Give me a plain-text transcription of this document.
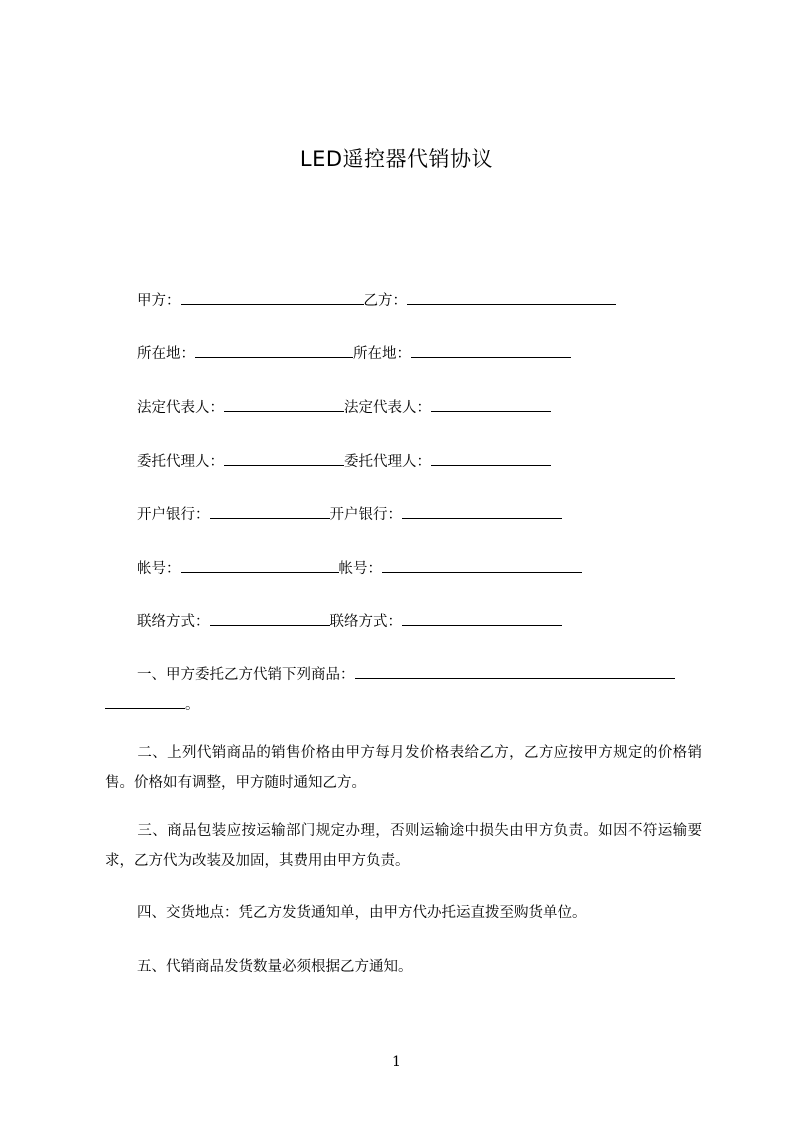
LED遥控器代销协议
甲方：	乙方：
所在地：	所在地：
法定代表人：	法定代表人：
委托代理人：	委托代理人：
开户银行：	开户银行：
帐号：	帐号：
联络方式：	联络方式：
一、甲方委托乙方代销下列商品：
。
二、上列代销商品的销售价格由甲方每月发价格表给乙方，乙方应按甲方规定的价格销售。价格如有调整，甲方随时通知乙方。
三、商品包装应按运输部门规定办理，否则运输途中损失由甲方负责。如因不符运输要求，乙方代为改装及加固，其费用由甲方负责。
四、交货地点：凭乙方发货通知单，由甲方代办托运直拨至购货单位。
五、代销商品发货数量必须根据乙方通知。
1
